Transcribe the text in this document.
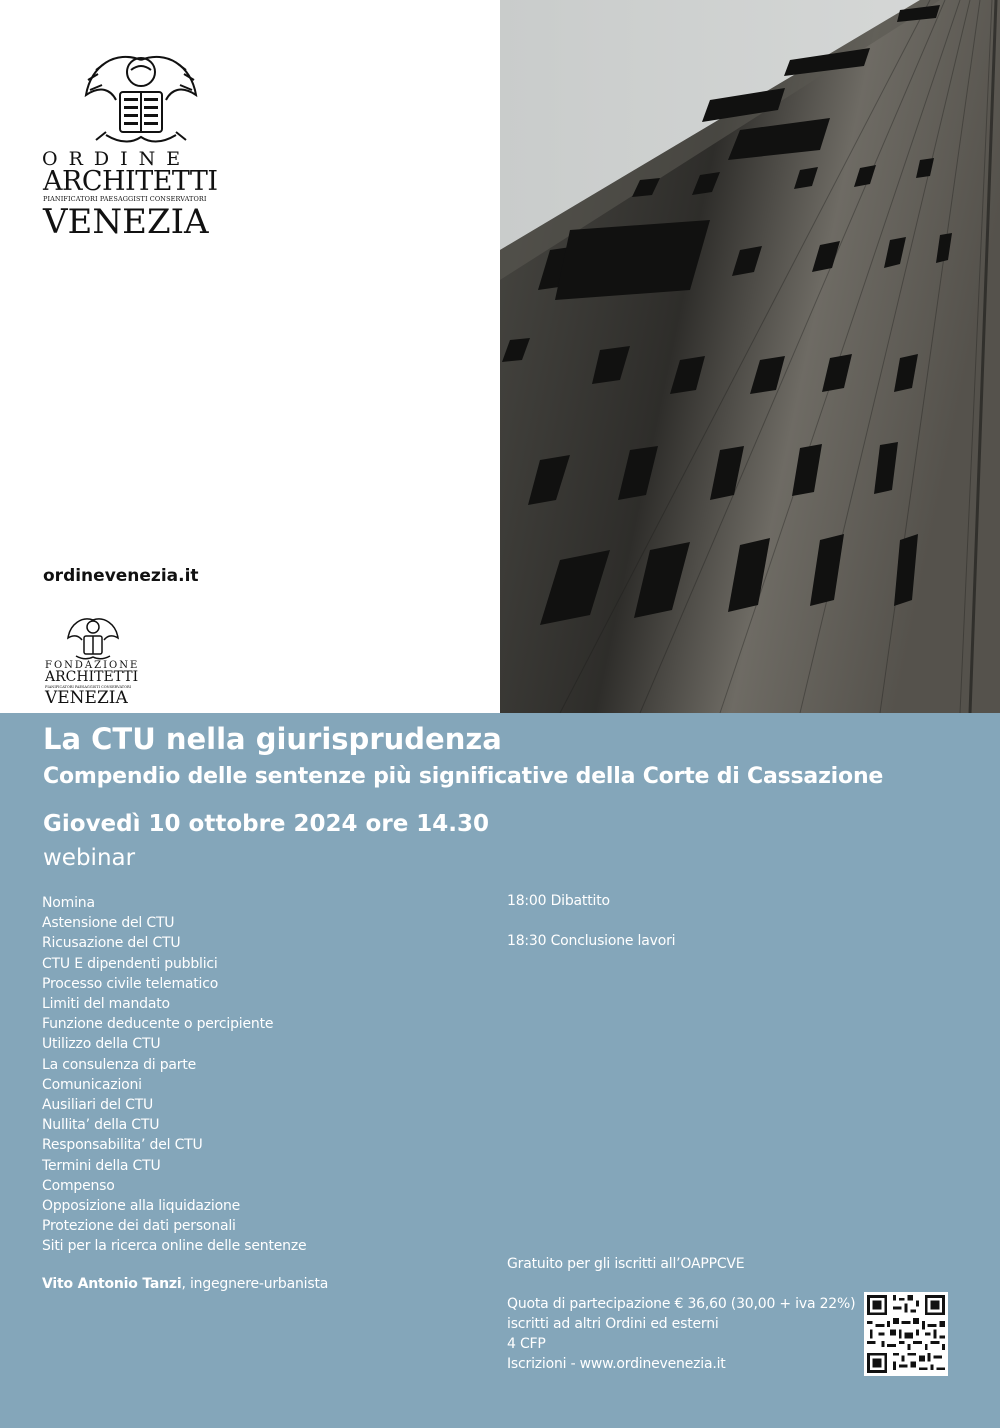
ORDINE
ARCHITETTI
PIANIFICATORI PAESAGGISTI CONSERVATORI
VENEZIA
ordinevenezia.it
FONDAZIONE
ARCHITETTI
PIANIFICATORI PAESAGGISTI CONSERVATORI
VENEZIA
La CTU nella giurisprudenza
Compendio delle sentenze più significative della Corte di Cassazione
Giovedì 10 ottobre 2024 ore 14.30
webinar
Nomina
Astensione del CTU
Ricusazione del CTU
CTU E dipendenti pubblici
Processo civile telematico
Limiti del mandato
Funzione deducente o percipiente
Utilizzo della CTU
La consulenza di parte
Comunicazioni
Ausiliari del CTU
Nullita’ della CTU
Responsabilita’ del CTU
Termini della CTU
Compenso
Opposizione alla liquidazione
Protezione dei dati personali
Siti per la ricerca online delle sentenze
Vito Antonio Tanzi, ingegnere-urbanista
18:00 Dibattito
18:30 Conclusione lavori
Gratuito per gli iscritti all’OAPPCVE
Quota di partecipazione € 36,60 (30,00 + iva 22%)
iscritti ad altri Ordini ed esterni
4 CFP
Iscrizioni - www.ordinevenezia.it
